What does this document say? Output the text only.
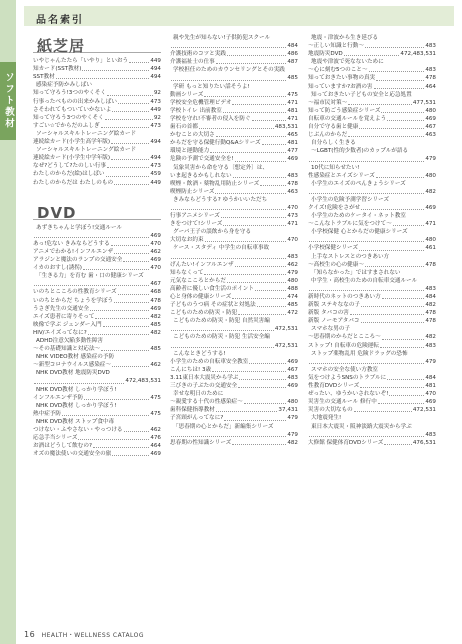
ソフト教材
品名索引
紙芝居
いやじゃんたたら「いやり」といおう	449
知カード(SST教材)	494
SST教材	494
感染症予防かみしばい
知って守ろう!3つのやくそく	92
行事ったべものの出来かみしばい	473
さそわれてもついていかないよ	449
知って守ろう3つのやくそく	92
すごい☆でからだのふしぎ	473
ソーシャルスキルトレーニング絵カード
連続絵カード(小学生高学年版)	494
ソーシャルスキルトレーニング絵カード
連続絵カード(小学生中学年版)	494
なぜ?どうして?たのしい行事	473
わたしのからだ(絵)はしばい	459
わたしのからだは わたしのもの	449
DVD
あずきちゃんと学ぼう!交通ルール
469
あっ!危ない きみならどうする	470
アニメでわかる!インフルエンザ	462
アラジンと魔法のランプの交通安全	469
イカのおすし(誘拐)	470
「生きる力」を育む 歯・口の健康シリーズ
467
いのちとこころの性教育シリーズ	468
いのちとからだ ちょうを学ぼう	478
うさぎ先生の交通安全	469
エイズ患者に寄りそって	482
映像で学ぶ ジェンダー入門	485
HIV/エイズってなに?	482
ADHD注意欠陥多動性障害
〜その基礎知識と対応法〜	485
NHK VIDEO教材 感染症の予防
〜新型コロナウイルス感染症〜	462
NHK DVD教材 地震防災DVD
472,483,531
NHK DVD教材 しっかり学ぼう!
インフルエンザ予防	475
NHK DVD教材 しっかり学ぼう!
熱中症予防	475
NHK DVD教材 ストップ食中毒
つけない・ふやさない・やっつける	462
応急手当シリーズ	476
お酒はどうして飲むの?	464
オズの魔法使いの交通安全の旅	469
親や先生が知らない!子供防犯スクール
484
介護技術のコツと実践	486
介護福祉士の仕事	487
学校担任のためのカウンセリングとその実践
485
学研 もっと知りたい話そうよ!
動画シリーズ	475
学校安全危機管理ビデオ	471
学校トイレ 出前教室	481
学校を守れ!不審者の侵入を防ぐ	471
歯石の首都	483,531
かむことの大切さ	465
からだを守る保健行動Q&Aシリーズ	481
環境と運動能力	477
危険の予測で交通安全を!	469
気象災害から命を守る〔想定外〕は、
いま起きるかもしれない	483
喫煙・飲酒・薬物乱用防止シリーズ	478
喫煙防止シリーズ	463
きみならどうする? ゆうかいいただち
470
行事アニメシリーズ	473
きをつけて!シリーズ	471
グーパ王子の誤飲から身を守る
大切なお約束	470
ケース・スタディ 中学生の自転車事故
483
げんたい!インフルエンザ	462
知らなくって	479
元気なこころとからだ	480
高齢者に優しい食生活のポイント	488
心と身体の健康シリーズ	474
子どものうつ病 その症状と対処法	485
こどものための防災・防犯	472
こどものための防災・防犯 自然災害編
472,531
こどものための防災・防犯 生活安全編
472,531
こんなときどうする!
小学生のための自転車安全教室	469
こんにちは! 3歳	467
3.11東日本大震災から学ぶ	483
三びきの子ぶたの交通安全	469
幸せな明日のために
〜親愛する十代の性感染症〜	480
歯科保健指導教材	37,431
子宮頸がんってなに?	479
「思春期の心とからだ」新編集シリーズ
479
思春期の性知識シリーズ	482
地震・津波から生き延びる
〜正しい知識と行動〜	483
地震防災DVD	472,483,531
地震や津波で死なないために
〜心に刻む5つのこと〜	483
知っておきたい事物の真実	478
知っていますか?お酒の害	464
知っておきたい子どもの安全と応急処置
〜福市民対策〜	477,531
知って防ごう感染症シリーズ	480
自転車の交通ルールを覚えよう	469
自分で守る歯と健康	467
じぶんのからだ	463
自分らしく生きる
〜LGBT(性的少数者)のカップルが語る
479
10代に知らせたい!
性感染症とエイズシリーズ	480
小学生のエイズのぺんきょうシリーズ
482
小学生の危険予測学習シリーズ
クイズ!危険をさがせ	469
小学生のためのケータイ・ネット教室
〜こんなトラブルに気をつけて〜	471
小学校保健 心とからだの健康シリーズ
480
小学校保健シリーズ	461
上手なストレスとのつきあい方
〜高校生の心の健康〜	478
「知らなかった」ではすまされない
中学生・高校生のための自転車交通ルール
483
新時代のネットのつきあい方	484
新版 ステキななの子	482
新版 タバコの害	478
新版 ノーモアタバコ	478
スマホな男の子
〜思春期のからだとこころ〜	482
ストップ! 自転車の危険運転	483
ストップ薬物乱用 危険ドラッグの恐怖
479
スマホの安全な使い方教室
気をつけようSNSのトラブルに	484
性教育DVDシリーズ	481
ぜったい、ゆうかいされないぞ!	470
災害生の交通ルール 修行中	469
災害の大切なもの	472,531
大地震発生!
東日本大震災・阪神淡路大震災から学ぶ
483
大修館 保健体育DVDシリーズ	476,531
16 HEALTH・WELLNESS CATALOG
